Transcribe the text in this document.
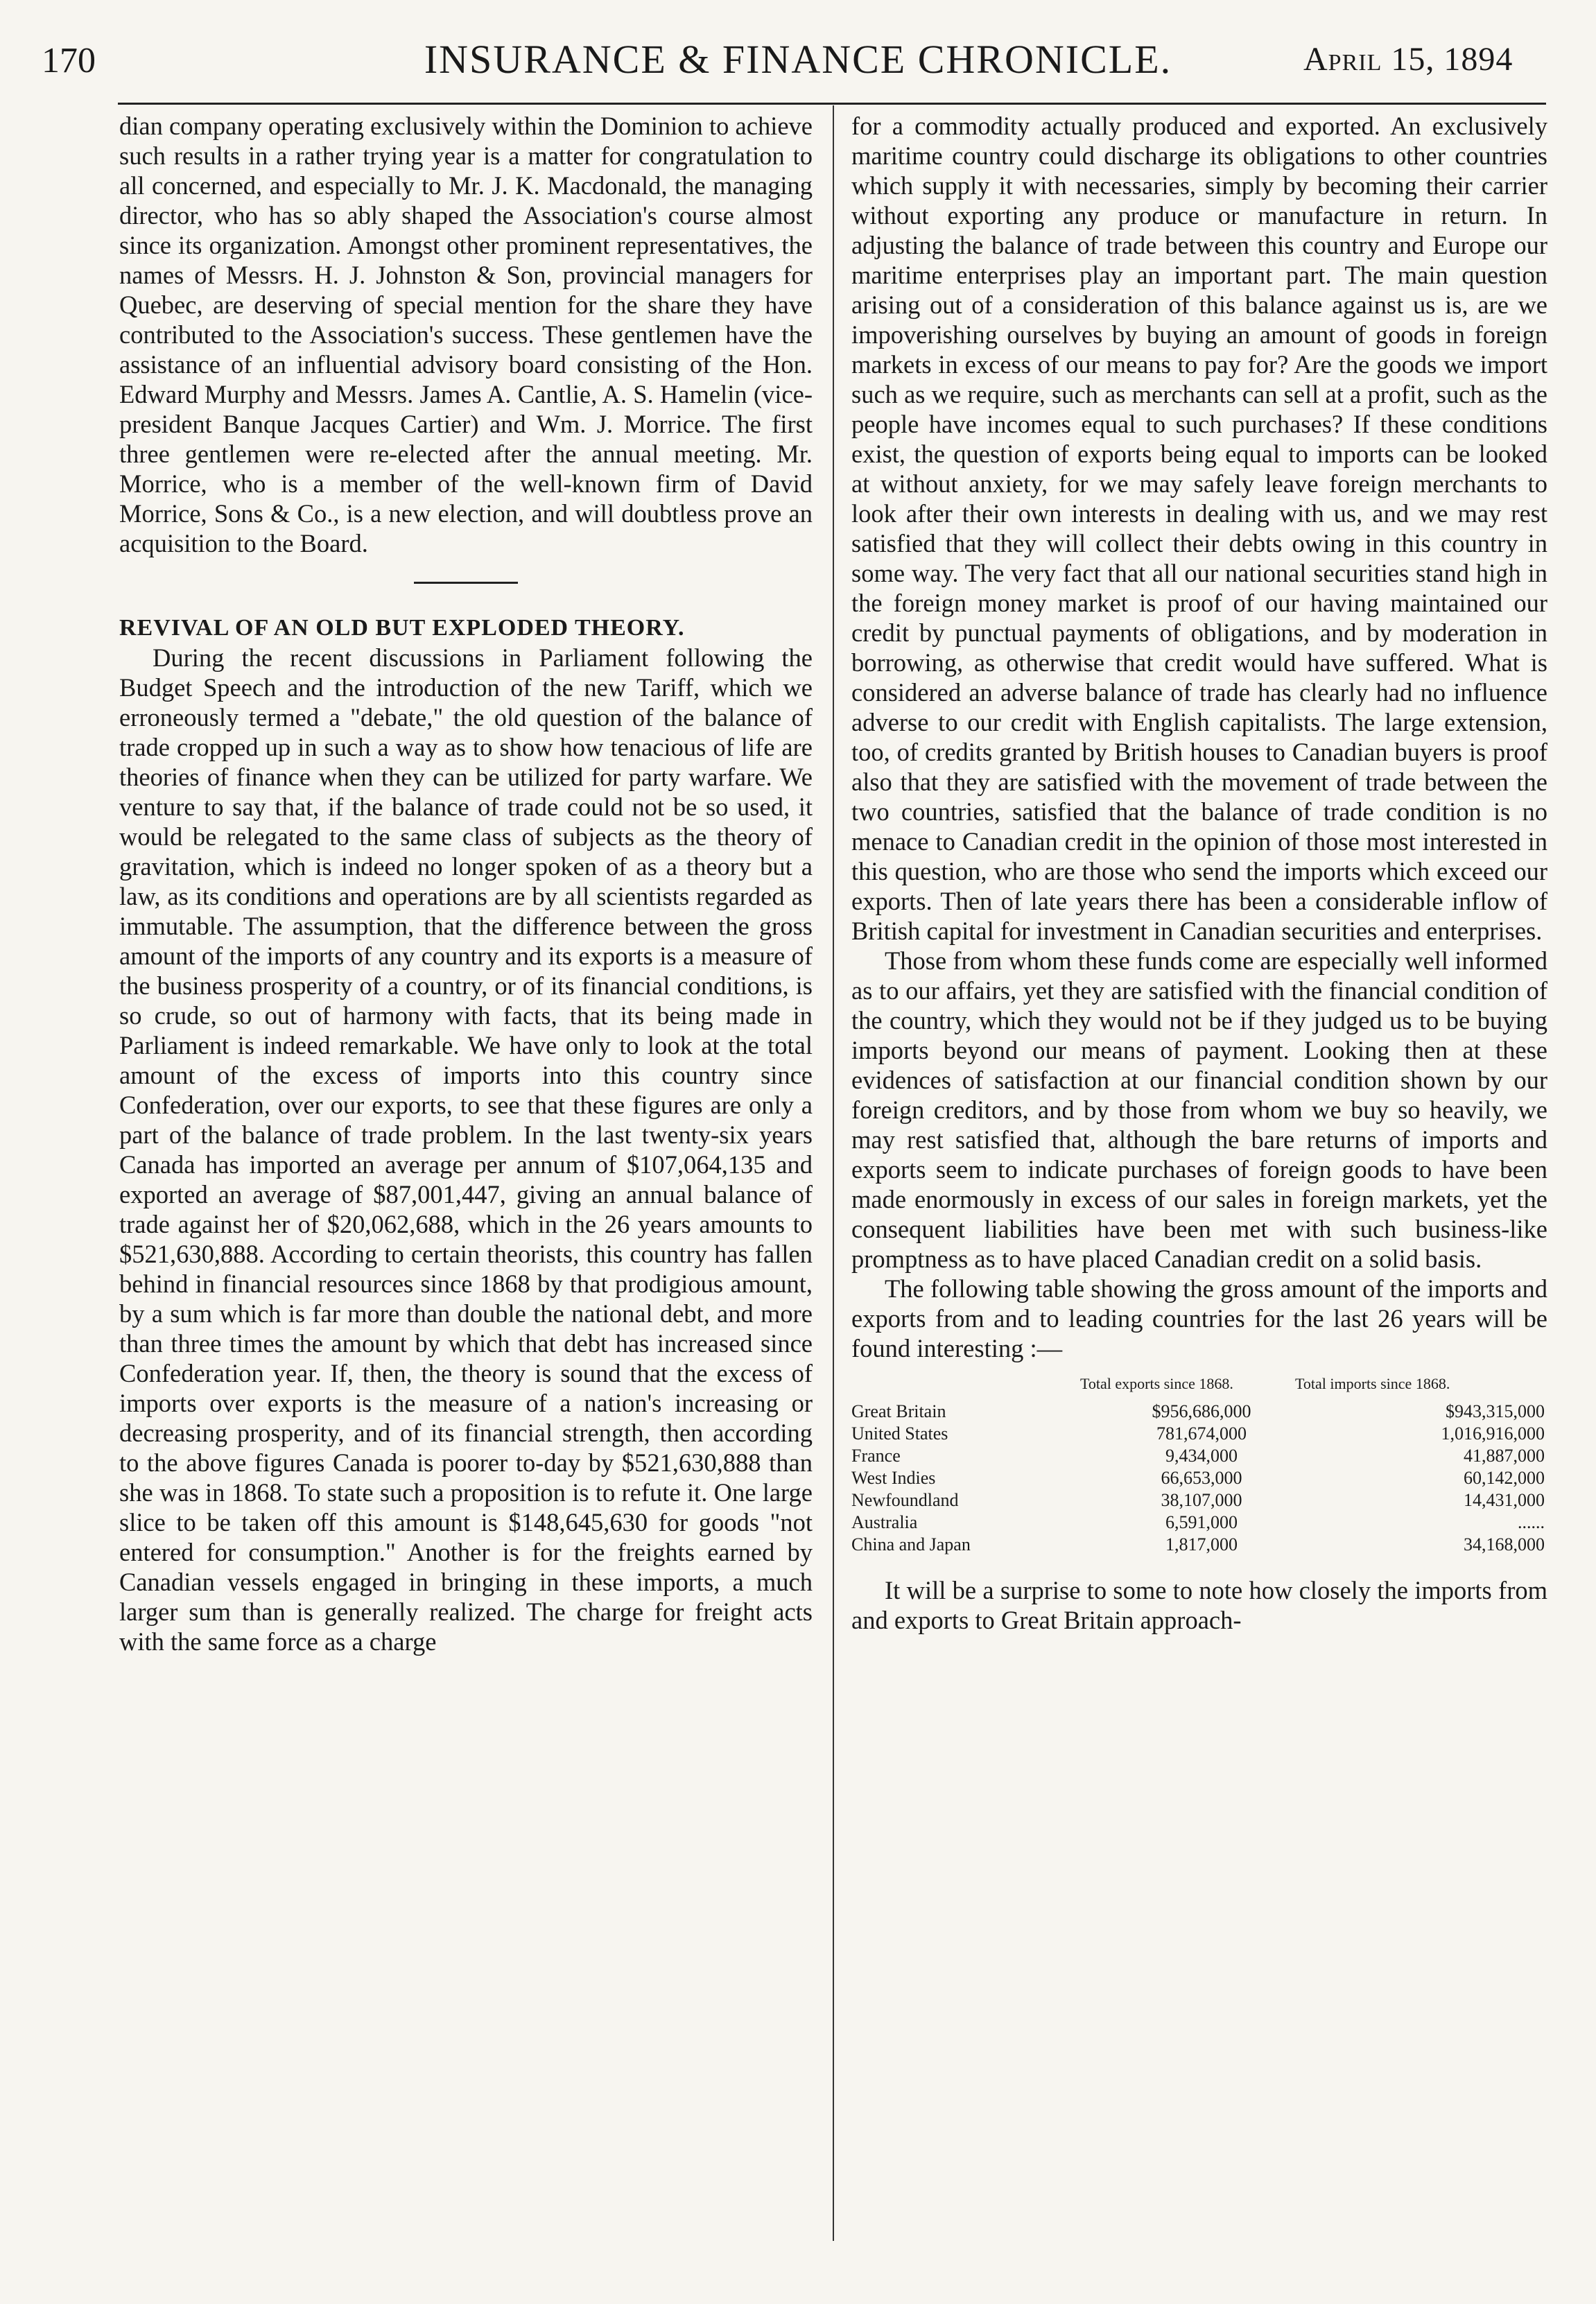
170	INSURANCE & FINANCE CHRONICLE.	April 15, 1894

dian company operating exclusively within the Dominion to achieve such results in a rather trying year is a matter for congratulation to all concerned, and especially to Mr. J. K. Macdonald, the managing director, who has so ably shaped the Association's course almost since its organization. Amongst other prominent representatives, the names of Messrs. H. J. Johnston & Son, provincial managers for Quebec, are deserving of special mention for the share they have contributed to the Association's success. These gentlemen have the assistance of an influential advisory board consisting of the Hon. Edward Murphy and Messrs. James A. Cantlie, A. S. Hamelin (vice-president Banque Jacques Cartier) and Wm. J. Morrice. The first three gentlemen were re-elected after the annual meeting. Mr. Morrice, who is a member of the well-known firm of David Morrice, Sons & Co., is a new election, and will doubtless prove an acquisition to the Board.

REVIVAL OF AN OLD BUT EXPLODED THEORY.

During the recent discussions in Parliament following the Budget Speech and the introduction of the new Tariff, which we erroneously termed a "debate," the old question of the balance of trade cropped up in such a way as to show how tenacious of life are theories of finance when they can be utilized for party warfare. We venture to say that, if the balance of trade could not be so used, it would be relegated to the same class of subjects as the theory of gravitation, which is indeed no longer spoken of as a theory but a law, as its conditions and operations are by all scientists regarded as immutable. The assumption, that the difference between the gross amount of the imports of any country and its exports is a measure of the business prosperity of a country, or of its financial conditions, is so crude, so out of harmony with facts, that its being made in Parliament is indeed remarkable. We have only to look at the total amount of the excess of imports into this country since Confederation, over our exports, to see that these figures are only a part of the balance of trade problem. In the last twenty-six years Canada has imported an average per annum of $107,064,135 and exported an average of $87,001,447, giving an annual balance of trade against her of $20,062,688, which in the 26 years amounts to $521,630,888. According to certain theorists, this country has fallen behind in financial resources since 1868 by that prodigious amount, by a sum which is far more than double the national debt, and more than three times the amount by which that debt has increased since Confederation year. If, then, the theory is sound that the excess of imports over exports is the measure of a nation's increasing or decreasing prosperity, and of its financial strength, then according to the above figures Canada is poorer to-day by $521,630,888 than she was in 1868. To state such a proposition is to refute it. One large slice to be taken off this amount is $148,645,630 for goods "not entered for consumption." Another is for the freights earned by Canadian vessels engaged in bringing in these imports, a much larger sum than is generally realized. The charge for freight acts with the same force as a charge

for a commodity actually produced and exported. An exclusively maritime country could discharge its obligations to other countries which supply it with necessaries, simply by becoming their carrier without exporting any produce or manufacture in return. In adjusting the balance of trade between this country and Europe our maritime enterprises play an important part. The main question arising out of a consideration of this balance against us is, are we impoverishing ourselves by buying an amount of goods in foreign markets in excess of our means to pay for? Are the goods we import such as we require, such as merchants can sell at a profit, such as the people have incomes equal to such purchases? If these conditions exist, the question of exports being equal to imports can be looked at without anxiety, for we may safely leave foreign merchants to look after their own interests in dealing with us, and we may rest satisfied that they will collect their debts owing in this country in some way. The very fact that all our national securities stand high in the foreign money market is proof of our having maintained our credit by punctual payments of obligations, and by moderation in borrowing, as otherwise that credit would have suffered. What is considered an adverse balance of trade has clearly had no influence adverse to our credit with English capitalists. The large extension, too, of credits granted by British houses to Canadian buyers is proof also that they are satisfied with the movement of trade between the two countries, satisfied that the balance of trade condition is no menace to Canadian credit in the opinion of those most interested in this question, who are those who send the imports which exceed our exports. Then of late years there has been a considerable inflow of British capital for investment in Canadian securities and enterprises.

Those from whom these funds come are especially well informed as to our affairs, yet they are satisfied with the financial condition of the country, which they would not be if they judged us to be buying imports beyond our means of payment. Looking then at these evidences of satisfaction at our financial condition shown by our foreign creditors, and by those from whom we buy so heavily, we may rest satisfied that, although the bare returns of imports and exports seem to indicate purchases of foreign goods to have been made enormously in excess of our sales in foreign markets, yet the consequent liabilities have been met with such business-like promptness as to have placed Canadian credit on a solid basis.

The following table showing the gross amount of the imports and exports from and to leading countries for the last 26 years will be found interesting :—

Total exports since 1868.	Total imports since 1868.
Great Britain	$956,686,000	$943,315,000
United States	781,674,000	1,016,916,000
France	9,434,000	41,887,000
West Indies	66,653,000	60,142,000
Newfoundland	38,107,000	14,431,000
Australia	6,591,000	......
China and Japan	1,817,000	34,168,000

It will be a surprise to some to note how closely the imports from and exports to Great Britain approach-
